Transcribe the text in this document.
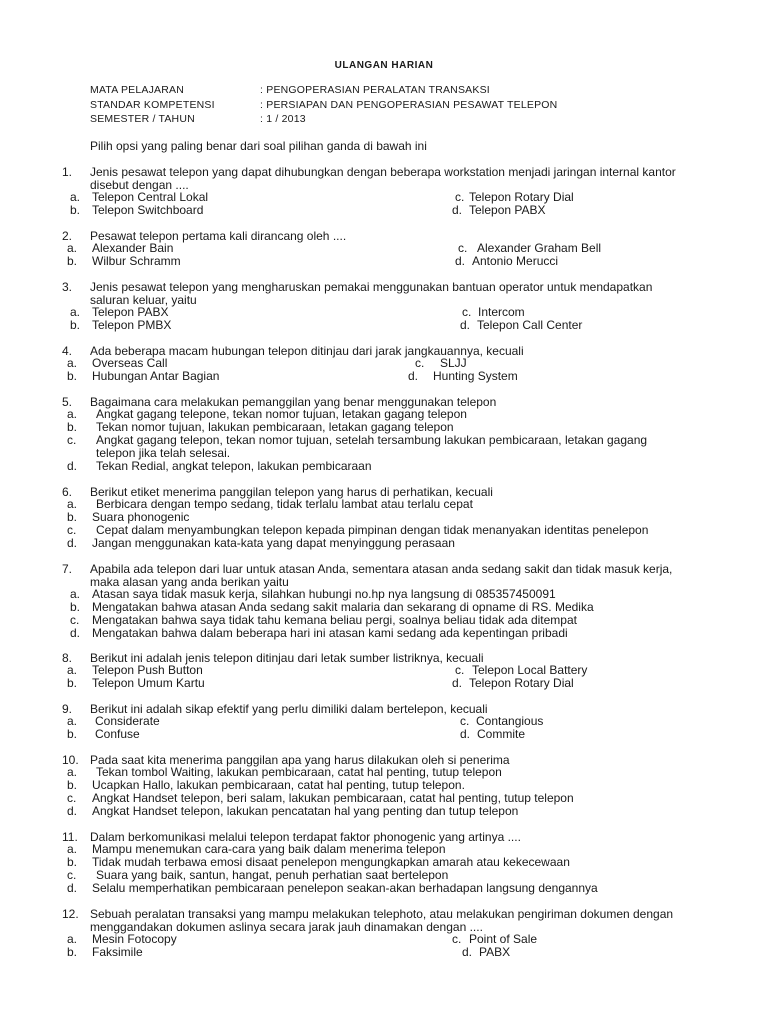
ULANGAN HARIAN
MATA PELAJARAN	: PENGOPERASIAN PERALATAN TRANSAKSI
STANDAR KOMPETENSI	: PERSIAPAN DAN PENGOPERASIAN PESAWAT TELEPON
SEMESTER / TAHUN	: 1 / 2013
Pilih opsi yang paling benar dari soal pilihan ganda di bawah ini
1. Jenis pesawat telepon yang dapat dihubungkan dengan beberapa workstation menjadi jaringan internal kantor disebut dengan ....
a. Telepon Central Lokal
b. Telepon Switchboard
c. Telepon Rotary Dial
d. Telepon PABX
2. Pesawat telepon pertama kali dirancang oleh ....
a. Alexander Bain
b. Wilbur Schramm
c. Alexander Graham Bell
d. Antonio Merucci
3. Jenis pesawat telepon yang mengharuskan pemakai menggunakan bantuan operator untuk mendapatkan saluran keluar, yaitu
a. Telepon PABX
b. Telepon PMBX
c. Intercom
d. Telepon Call Center
4. Ada beberapa macam hubungan telepon ditinjau dari jarak jangkauannya, kecuali
a. Overseas Call
b. Hubungan Antar Bagian
c. SLJJ
d. Hunting System
5. Bagaimana cara melakukan pemanggilan yang benar menggunakan telepon
a. Angkat gagang telepone, tekan nomor tujuan, letakan gagang telepon
b. Tekan nomor tujuan, lakukan pembicaraan, letakan gagang telepon
c. Angkat gagang telepon, tekan nomor tujuan, setelah tersambung lakukan pembicaraan, letakan gagang telepon jika telah selesai.
d. Tekan Redial, angkat telepon, lakukan pembicaraan
6. Berikut etiket menerima panggilan telepon yang harus di perhatikan, kecuali
a. Berbicara dengan tempo sedang, tidak terlalu lambat atau terlalu cepat
b. Suara phonogenic
c. Cepat dalam menyambungkan telepon kepada pimpinan dengan tidak menanyakan identitas penelepon
d. Jangan menggunakan kata-kata yang dapat menyinggung perasaan
7. Apabila ada telepon dari luar untuk atasan Anda, sementara atasan anda sedang sakit dan tidak masuk kerja, maka alasan yang anda berikan yaitu
a. Atasan saya tidak masuk kerja, silahkan hubungi no.hp nya langsung di 085357450091
b. Mengatakan bahwa atasan Anda sedang sakit malaria dan sekarang di opname di RS. Medika
c. Mengatakan bahwa saya tidak tahu kemana beliau pergi, soalnya beliau tidak ada ditempat
d. Mengatakan bahwa dalam beberapa hari ini atasan kami sedang ada kepentingan pribadi
8. Berikut ini adalah jenis telepon ditinjau dari letak sumber listriknya, kecuali
a. Telepon Push Button
b. Telepon Umum Kartu
c. Telepon Local Battery
d. Telepon Rotary Dial
9. Berikut ini adalah sikap efektif yang perlu dimiliki dalam bertelepon, kecuali
a. Considerate
b. Confuse
c. Contangious
d. Commite
10. Pada saat kita menerima panggilan apa yang harus dilakukan oleh si penerima
a. Tekan tombol Waiting, lakukan pembicaraan, catat hal penting, tutup telepon
b. Ucapkan Hallo, lakukan pembicaraan, catat hal penting, tutup telepon.
c. Angkat Handset telepon, beri salam, lakukan pembicaraan, catat hal penting, tutup telepon
d. Angkat Handset telepon, lakukan pencatatan hal yang penting dan tutup telepon
11. Dalam berkomunikasi melalui telepon terdapat faktor phonogenic yang artinya ....
a. Mampu menemukan cara-cara yang baik dalam menerima telepon
b. Tidak mudah terbawa emosi disaat penelepon mengungkapkan amarah atau kekecewaan
c. Suara yang baik, santun, hangat, penuh perhatian saat bertelepon
d. Selalu memperhatikan pembicaraan penelepon seakan-akan berhadapan langsung dengannya
12. Sebuah peralatan transaksi yang mampu melakukan telephoto, atau melakukan pengiriman dokumen dengan menggandakan dokumen aslinya secara jarak jauh dinamakan dengan ....
a. Mesin Fotocopy
b. Faksimile
c. Point of Sale
d. PABX
